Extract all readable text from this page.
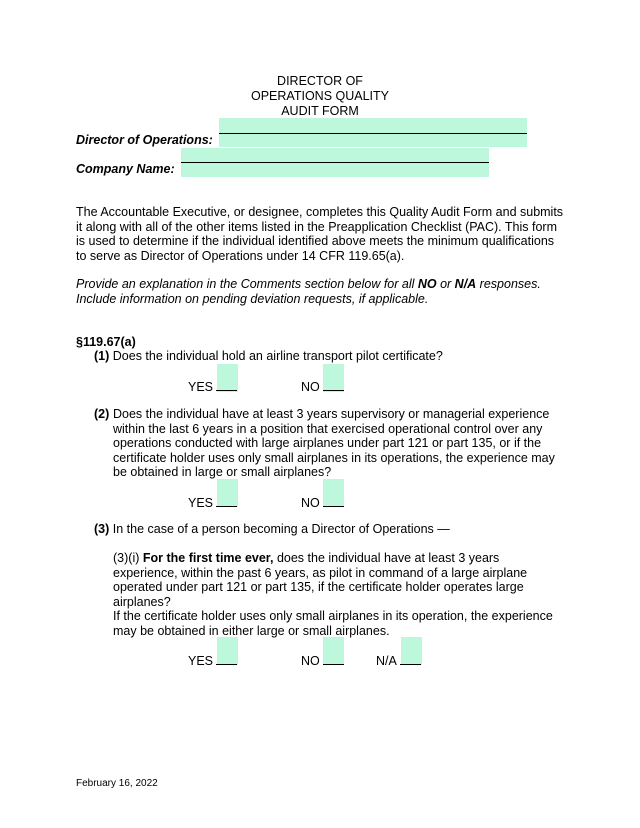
DIRECTOR OF
OPERATIONS QUALITY
AUDIT FORM
Director of Operations:
Company Name:
The Accountable Executive, or designee, completes this Quality Audit Form and submits it along with all of the other items listed in the Preapplication Checklist (PAC). This form is used to determine if the individual identified above meets the minimum qualifications to serve as Director of Operations under 14 CFR 119.65(a).
Provide an explanation in the Comments section below for all NO or N/A responses. Include information on pending deviation requests, if applicable.
§119.67(a)
(1) Does the individual hold an airline transport pilot certificate?
YES	NO
(2) Does the individual have at least 3 years supervisory or managerial experience within the last 6 years in a position that exercised operational control over any operations conducted with large airplanes under part 121 or part 135, or if the certificate holder uses only small airplanes in its operations, the experience may be obtained in large or small airplanes?
YES	NO
(3) In the case of a person becoming a Director of Operations —
(3)(i) For the first time ever, does the individual have at least 3 years experience, within the past 6 years, as pilot in command of a large airplane operated under part 121 or part 135, if the certificate holder operates large airplanes?
If the certificate holder uses only small airplanes in its operation, the experience may be obtained in either large or small airplanes.
YES	NO	N/A
February 16, 2022
